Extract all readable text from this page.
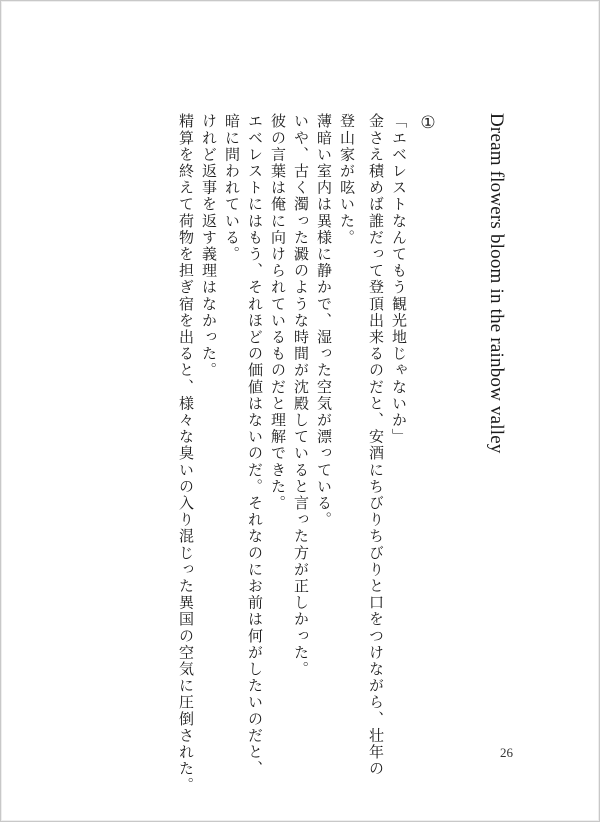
Dream flowers bloom in the rainbow valley
①
「エベレストなんてもう観光地じゃないか」
金さえ積めば誰だって登頂出来るのだと、安酒にちびりちびりと口をつけながら、壮年の
登山家が呟いた。
薄暗い室内は異様に静かで、湿った空気が漂っている。
いや、古く濁った澱のような時間が沈殿していると言った方が正しかった。
彼の言葉は俺に向けられているものだと理解できた。
エベレストにはもう、それほどの価値はないのだ。それなのにお前は何がしたいのだと、
暗に問われている。
けれど返事を返す義理はなかった。
精算を終えて荷物を担ぎ宿を出ると、様々な臭いの入り混じった異国の空気に圧倒された。	26
